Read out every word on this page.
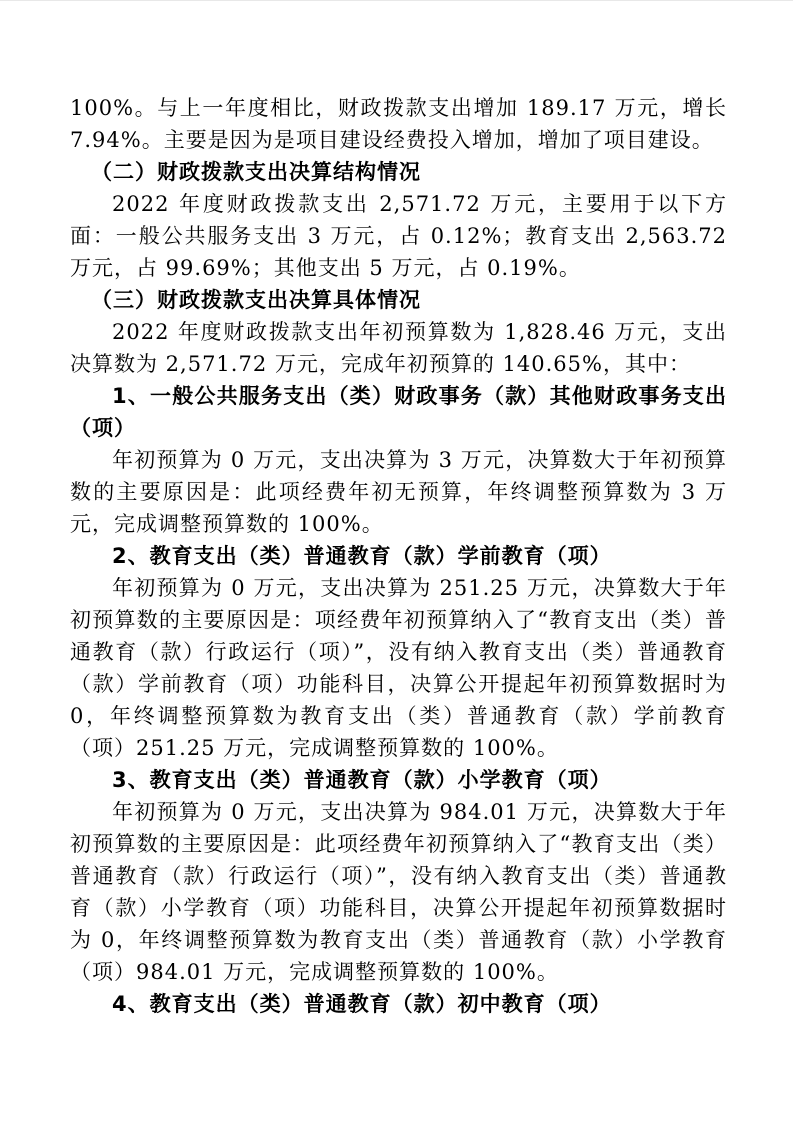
100%。与上一年度相比，财政拨款支出增加 189.17 万元，增长 7.94%。主要是因为是项目建设经费投入增加，增加了项目建设。

（二）财政拨款支出决算结构情况

2022 年度财政拨款支出 2,571.72 万元，主要用于以下方面：一般公共服务支出 3 万元，占 0.12%；教育支出 2,563.72 万元，占 99.69%；其他支出 5 万元，占 0.19%。

（三）财政拨款支出决算具体情况

2022 年度财政拨款支出年初预算数为 1,828.46 万元，支出决算数为 2,571.72 万元，完成年初预算的 140.65%，其中：

1、一般公共服务支出（类）财政事务（款）其他财政事务支出（项）

年初预算为 0 万元，支出决算为 3 万元，决算数大于年初预算数的主要原因是：此项经费年初无预算，年终调整预算数为 3 万元，完成调整预算数的 100%。

2、教育支出（类）普通教育（款）学前教育（项）

年初预算为 0 万元，支出决算为 251.25 万元，决算数大于年初预算数的主要原因是：项经费年初预算纳入了“教育支出（类）普通教育（款）行政运行（项）”，没有纳入教育支出（类）普通教育（款）学前教育（项）功能科目，决算公开提起年初预算数据时为 0，年终调整预算数为教育支出（类）普通教育（款）学前教育（项）251.25 万元，完成调整预算数的 100%。

3、教育支出（类）普通教育（款）小学教育（项）

年初预算为 0 万元，支出决算为 984.01 万元，决算数大于年初预算数的主要原因是：此项经费年初预算纳入了“教育支出（类）普通教育（款）行政运行（项）”，没有纳入教育支出（类）普通教育（款）小学教育（项）功能科目，决算公开提起年初预算数据时为 0，年终调整预算数为教育支出（类）普通教育（款）小学教育（项）984.01 万元，完成调整预算数的 100%。

4、教育支出（类）普通教育（款）初中教育（项）
